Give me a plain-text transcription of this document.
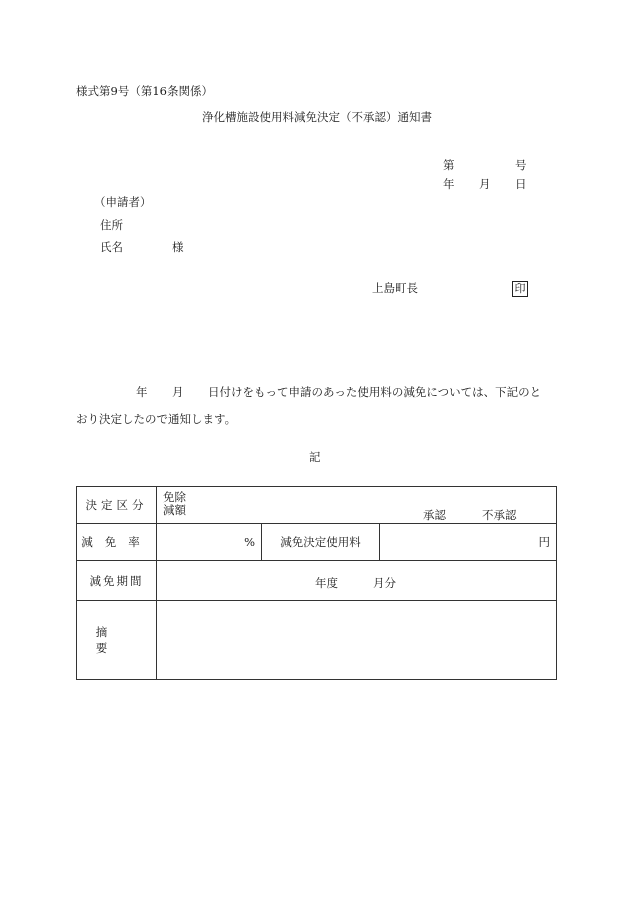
様式第9号（第16条関係）
浄化槽施設使用料減免決定（不承認）通知書
第	号
年 月 日
（申請者）
住所
氏名	様
上島町長	印
年 月 日付けをもって申請のあった使用料の減免については、下記のと
おり決定したので通知します。
記
決定区分	免除
減額 承認 不承認		

減免率	%	減免決定使用料	円
減免期間	年度 月分		

摘要			
